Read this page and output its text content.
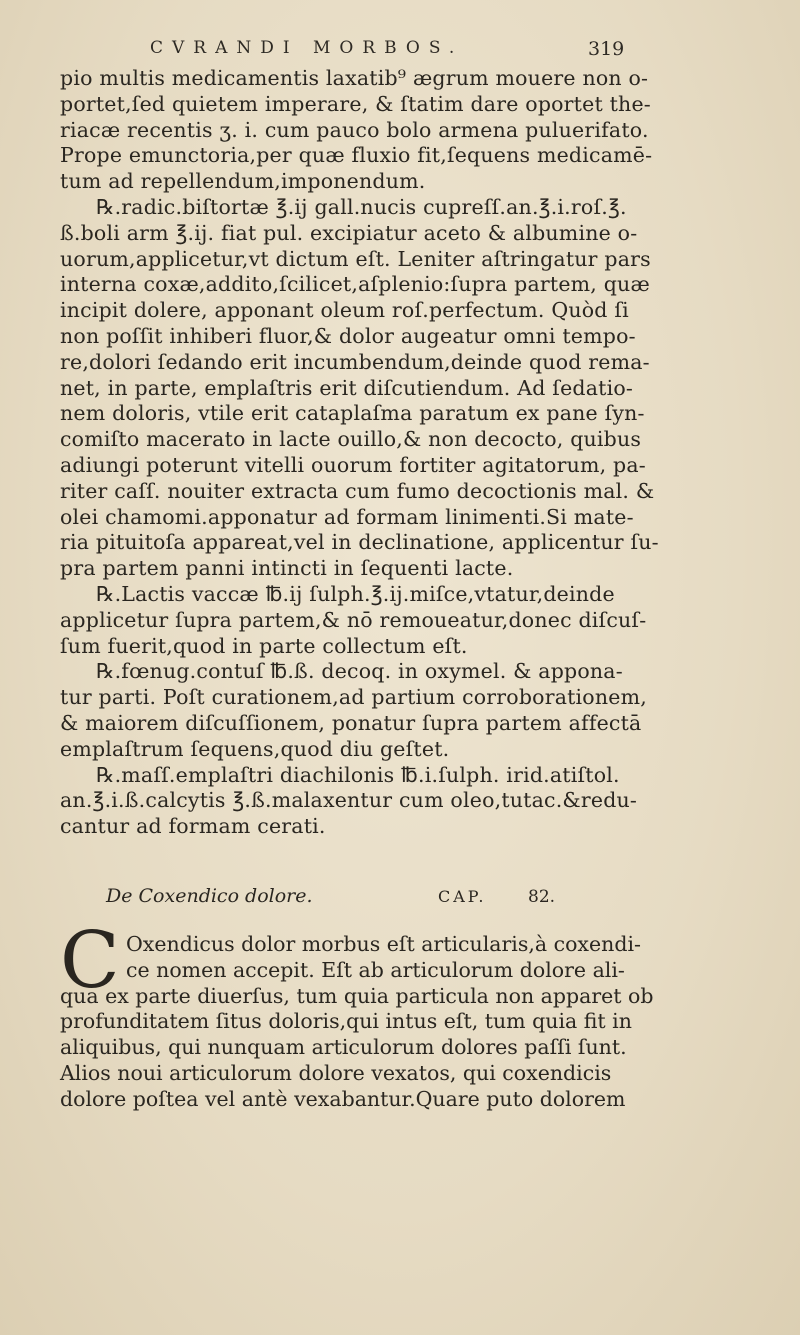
CVRANDI MORBOS.	319
pio multis medicamentis laxatib⁹ ægrum mouere non o-
portet,ſed quietem imperare, & ſtatim dare oportet the-
riacæ recentis ʒ. i. cum pauco bolo armena puluerifato.
Prope emunctoria,per quæ fluxio fit,ſequens medicamē-
tum ad repellendum,imponendum.
℞.radic.biſtortæ ℥.ij gall.nucis cupreſſ.an.℥.i.roſ.℥.
ß.boli arm ℥.ij. fiat pul. excipiatur aceto & albumine o-
uorum,applicetur,vt dictum eſt. Leniter aſtringatur pars
interna coxæ,addito,ſcilicet,aſplenio:ſupra partem, quæ
incipit dolere, apponant oleum roſ.perfectum. Quòd ſi
non poſſit inhiberi fluor,& dolor augeatur omni tempo-
re,dolori ſedando erit incumbendum,deinde quod rema-
net, in parte, emplaſtris erit diſcutiendum. Ad ſedatio-
nem doloris, vtile erit cataplaſma paratum ex pane ſyn-
comiſto macerato in lacte ouillo,& non decocto, quibus
adiungi poterunt vitelli ouorum fortiter agitatorum, pa-
riter caſſ. nouiter extracta cum fumo decoctionis mal. &
olei chamomi.apponatur ad formam linimenti.Si mate-
ria pituitoſa appareat,vel in declinatione, applicentur ſu-
pra partem panni intincti in ſequenti lacte.
℞.Lactis vaccæ ℔.ij ſulph.℥.ij.miſce,vtatur,deinde
applicetur ſupra partem,& nō remoueatur,donec diſcuſ-
ſum fuerit,quod in parte collectum eſt.
℞.fœnug.contuſ ℔.ß. decoq. in oxymel. & appona-
tur parti. Poſt curationem,ad partium corroborationem,
& maiorem diſcuſſionem, ponatur ſupra partem affectā
emplaſtrum ſequens,quod diu geſtet.
℞.maſſ.emplaſtri diachilonis ℔.i.ſulph. irid.atiſtol.
an.℥.i.ß.calcytis ℥.ß.malaxentur cum oleo,tutac.&redu-
cantur ad formam cerati.
De Coxendico dolore.	CAP. 82.
C Oxendicus dolor morbus eſt articularis,à coxendi-
ce nomen accepit. Eſt ab articulorum dolore ali-
qua ex parte diuerſus, tum quia particula non apparet ob
profunditatem ſitus doloris,qui intus eſt, tum quia fit in
aliquibus, qui nunquam articulorum dolores paſſi ſunt.
Alios noui articulorum dolore vexatos, qui coxendicis
dolore poſtea vel antè vexabantur.Quare puto dolorem
